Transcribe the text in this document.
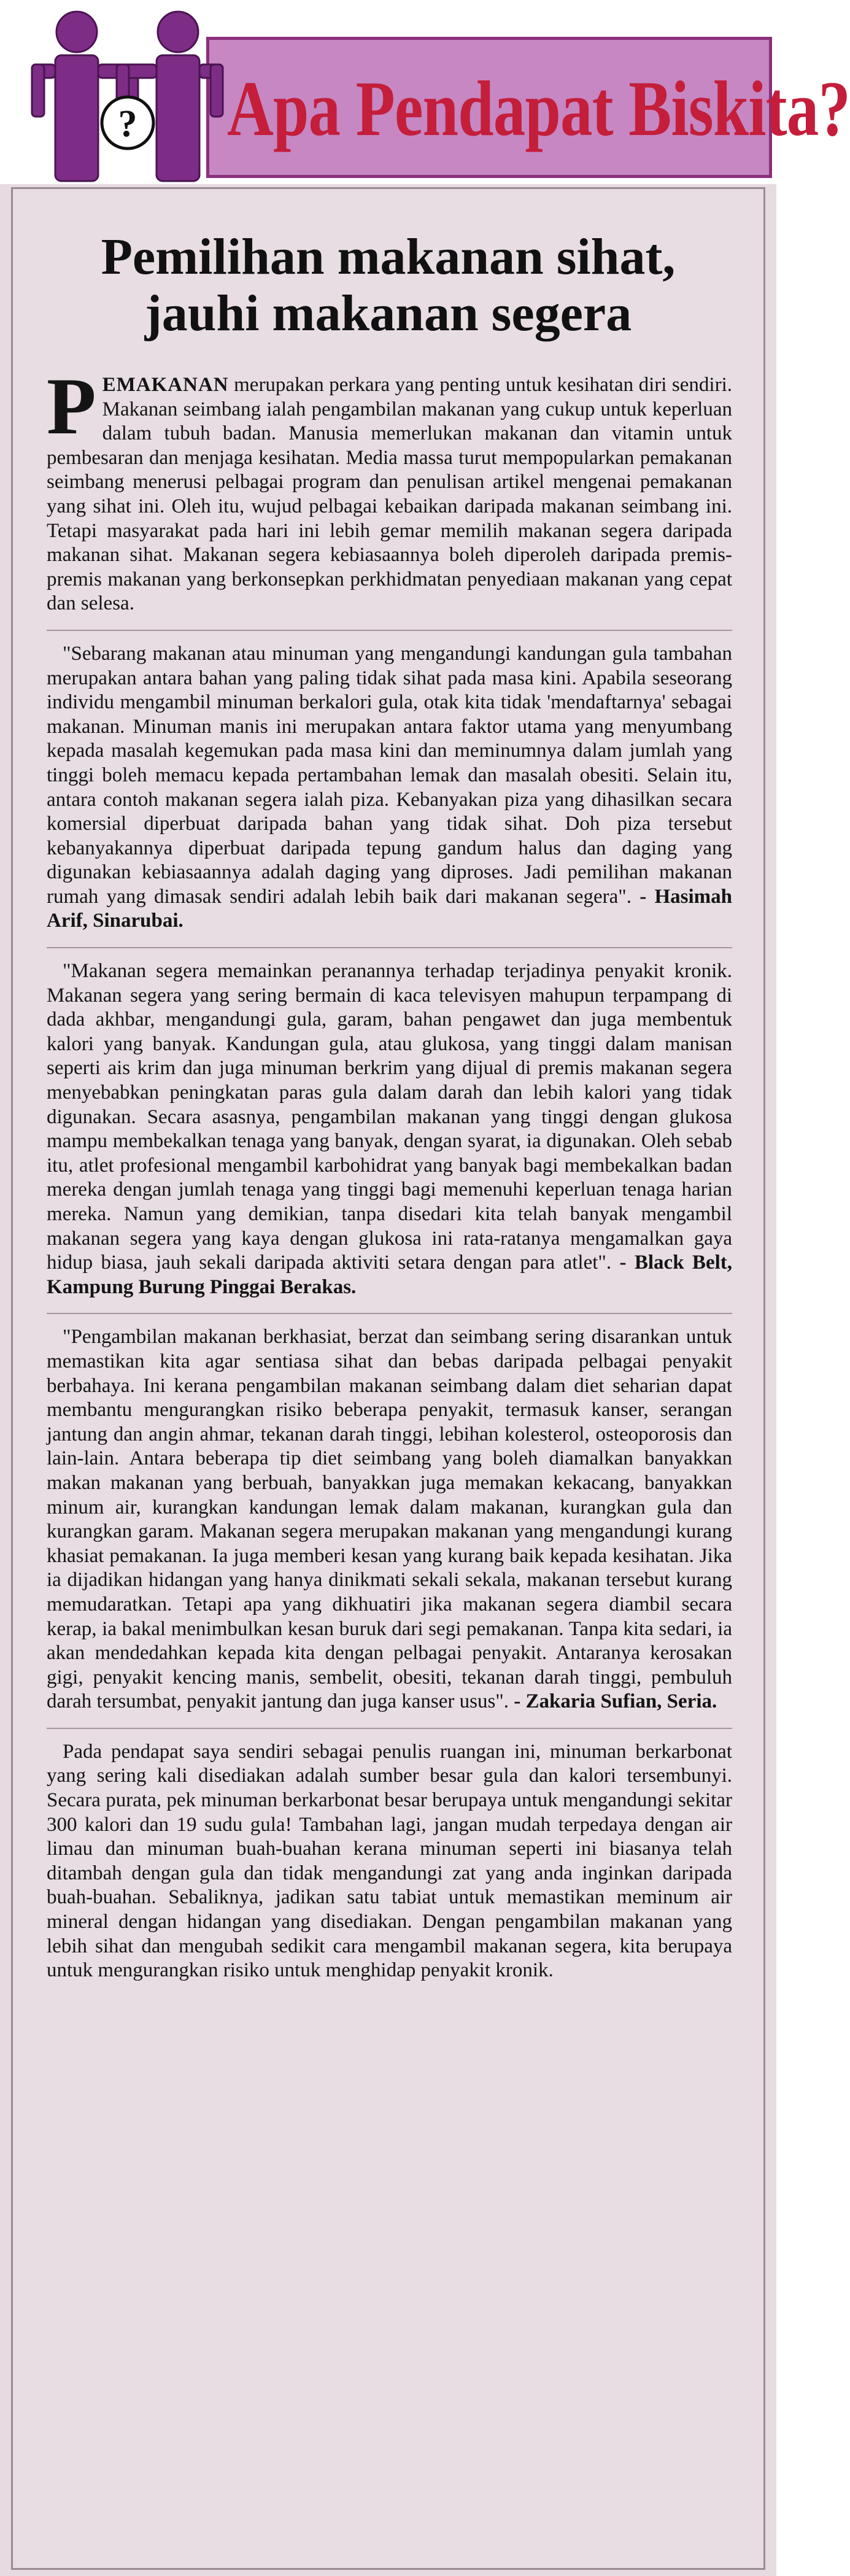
? Apa Pendapat Biskita?
Pemilihan makanan sihat,
jauhi makanan segera

PEMAKANAN merupakan perkara yang penting untuk kesihatan diri sendiri. Makanan seimbang ialah pengambilan makanan yang cukup untuk keperluan dalam tubuh badan. Manusia memerlukan makanan dan vitamin untuk pembesaran dan menjaga kesihatan. Media massa turut mempopularkan pemakanan seimbang menerusi pelbagai program dan penulisan artikel mengenai pemakanan yang sihat ini. Oleh itu, wujud pelbagai kebaikan daripada makanan seimbang ini. Tetapi masyarakat pada hari ini lebih gemar memilih makanan segera daripada makanan sihat. Makanan segera kebiasaannya boleh diperoleh daripada premis-premis makanan yang berkonsepkan perkhidmatan penyediaan makanan yang cepat dan selesa.

"Sebarang makanan atau minuman yang mengandungi kandungan gula tambahan merupakan antara bahan yang paling tidak sihat pada masa kini. Apabila seseorang individu mengambil minuman berkalori gula, otak kita tidak 'mendaftarnya' sebagai makanan. Minuman manis ini merupakan antara faktor utama yang menyumbang kepada masalah kegemukan pada masa kini dan meminumnya dalam jumlah yang tinggi boleh memacu kepada pertambahan lemak dan masalah obesiti. Selain itu, antara contoh makanan segera ialah piza. Kebanyakan piza yang dihasilkan secara komersial diperbuat daripada bahan yang tidak sihat. Doh piza tersebut kebanyakannya diperbuat daripada tepung gandum halus dan daging yang digunakan kebiasaannya adalah daging yang diproses. Jadi pemilihan makanan rumah yang dimasak sendiri adalah lebih baik dari makanan segera". - Hasimah Arif, Sinarubai.

"Makanan segera memainkan peranannya terhadap terjadinya penyakit kronik. Makanan segera yang sering bermain di kaca televisyen mahupun terpampang di dada akhbar, mengandungi gula, garam, bahan pengawet dan juga membentuk kalori yang banyak. Kandungan gula, atau glukosa, yang tinggi dalam manisan seperti ais krim dan juga minuman berkrim yang dijual di premis makanan segera menyebabkan peningkatan paras gula dalam darah dan lebih kalori yang tidak digunakan. Secara asasnya, pengambilan makanan yang tinggi dengan glukosa mampu membekalkan tenaga yang banyak, dengan syarat, ia digunakan. Oleh sebab itu, atlet profesional mengambil karbohidrat yang banyak bagi membekalkan badan mereka dengan jumlah tenaga yang tinggi bagi memenuhi keperluan tenaga harian mereka. Namun yang demikian, tanpa disedari kita telah banyak mengambil makanan segera yang kaya dengan glukosa ini rata-ratanya mengamalkan gaya hidup biasa, jauh sekali daripada aktiviti setara dengan para atlet". - Black Belt, Kampung Burung Pinggai Berakas.

"Pengambilan makanan berkhasiat, berzat dan seimbang sering disarankan untuk memastikan kita agar sentiasa sihat dan bebas daripada pelbagai penyakit berbahaya. Ini kerana pengambilan makanan seimbang dalam diet seharian dapat membantu mengurangkan risiko beberapa penyakit, termasuk kanser, serangan jantung dan angin ahmar, tekanan darah tinggi, lebihan kolesterol, osteoporosis dan lain-lain. Antara beberapa tip diet seimbang yang boleh diamalkan banyakkan makan makanan yang berbuah, banyakkan juga memakan kekacang, banyakkan minum air, kurangkan kandungan lemak dalam makanan, kurangkan gula dan kurangkan garam. Makanan segera merupakan makanan yang mengandungi kurang khasiat pemakanan. Ia juga memberi kesan yang kurang baik kepada kesihatan. Jika ia dijadikan hidangan yang hanya dinikmati sekali sekala, makanan tersebut kurang memudaratkan. Tetapi apa yang dikhuatiri jika makanan segera diambil secara kerap, ia bakal menimbulkan kesan buruk dari segi pemakanan. Tanpa kita sedari, ia akan mendedahkan kepada kita dengan pelbagai penyakit. Antaranya kerosakan gigi, penyakit kencing manis, sembelit, obesiti, tekanan darah tinggi, pembuluh darah tersumbat, penyakit jantung dan juga kanser usus". - Zakaria Sufian, Seria.

Pada pendapat saya sendiri sebagai penulis ruangan ini, minuman berkarbonat yang sering kali disediakan adalah sumber besar gula dan kalori tersembunyi. Secara purata, pek minuman berkarbonat besar berupaya untuk mengandungi sekitar 300 kalori dan 19 sudu gula! Tambahan lagi, jangan mudah terpedaya dengan air limau dan minuman buah-buahan kerana minuman seperti ini biasanya telah ditambah dengan gula dan tidak mengandungi zat yang anda inginkan daripada buah-buahan. Sebaliknya, jadikan satu tabiat untuk memastikan meminum air mineral dengan hidangan yang disediakan. Dengan pengambilan makanan yang lebih sihat dan mengubah sedikit cara mengambil makanan segera, kita berupaya untuk mengurangkan risiko untuk menghidap penyakit kronik.
